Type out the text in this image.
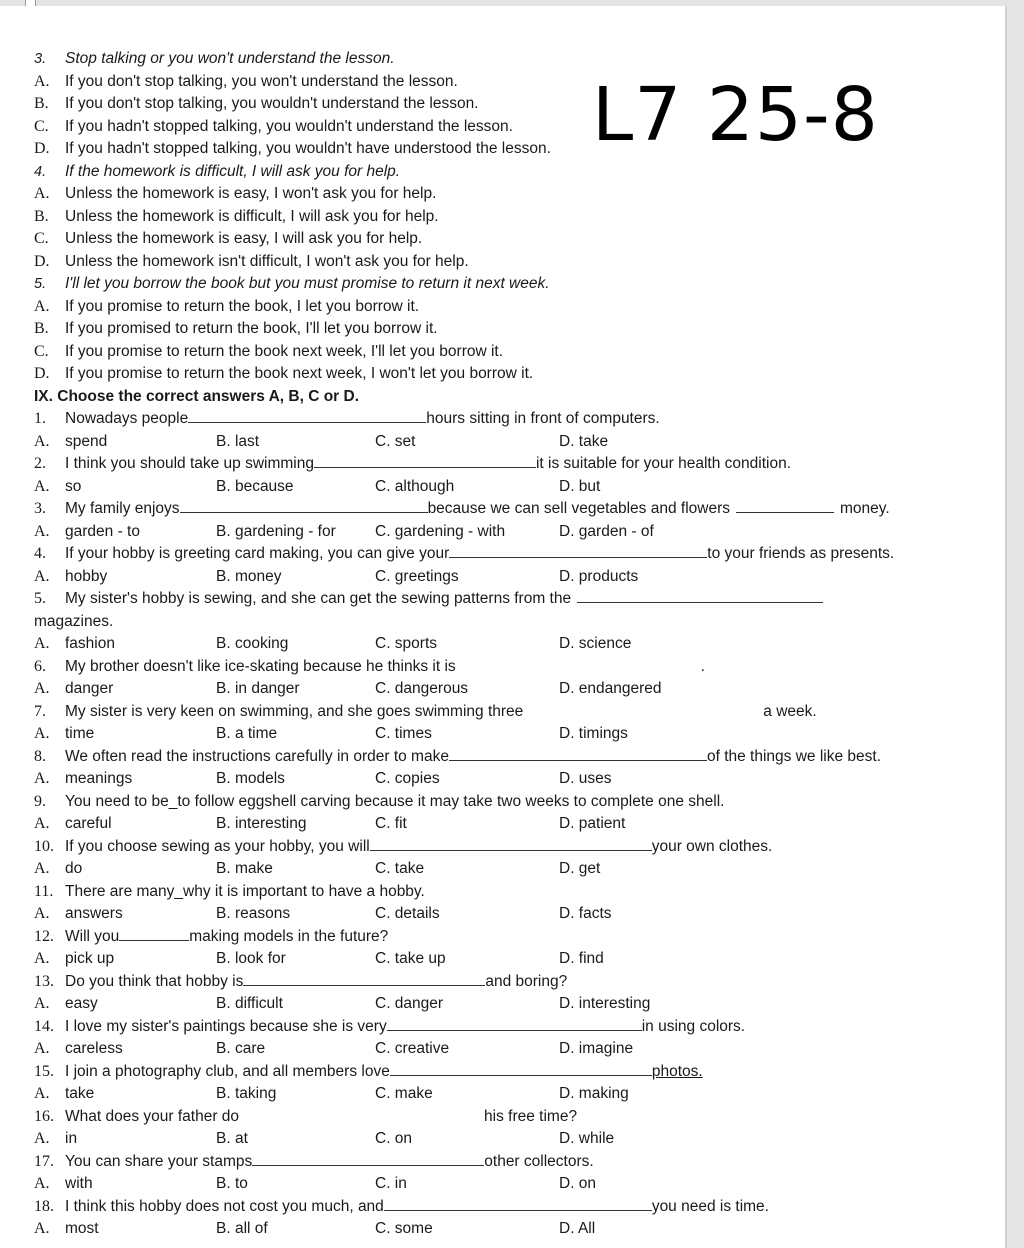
L7 25-8
3. Stop talking or you won't understand the lesson.
A. If you don't stop talking, you won't understand the lesson.
B. If you don't stop talking, you wouldn't understand the lesson.
C. If you hadn't stopped talking, you wouldn't understand the lesson.
D. If you hadn't stopped talking, you wouldn't have understood the lesson.
4. If the homework is difficult, I will ask you for help.
A. Unless the homework is easy, I won't ask you for help.
B. Unless the homework is difficult, I will ask you for help.
C. Unless the homework is easy, I will ask you for help.
D. Unless the homework isn't difficult, I won't ask you for help.
5. I'll let you borrow the book but you must promise to return it next week.
A. If you promise to return the book, I let you borrow it.
B. If you promised to return the book, I'll let you borrow it.
C. If you promise to return the book next week, I'll let you borrow it.
D. If you promise to return the book next week, I won't let you borrow it.
IX. Choose the correct answers A, B, C or D.
1. Nowadays people	hours sitting in front of computers.
A. spend	B. last	C. set	D. take
2. I think you should take up swimming	it is suitable for your health condition.
A. so	B. because	C. although	D. but
3. My family enjoys	because we can sell vegetables and flowers	money.
A. garden - to	B. gardening - for	C. gardening - with	D. garden - of
4. If your hobby is greeting card making, you can give your	to your friends as presents.
A. hobby	B. money	C. greetings	D. products
5. My sister's hobby is sewing, and she can get the sewing patterns from the
magazines.
A. fashion	B. cooking	C. sports	D. science
6. My brother doesn't like ice-skating because he thinks it is	.
A. danger	B. in danger	C. dangerous	D. endangered
7. My sister is very keen on swimming, and she goes swimming three	a week.
A. time	B. a time	C. times	D. timings
8. We often read the instructions carefully in order to make	of the things we like best.
A. meanings	B. models	C. copies	D. uses
9. You need to be_to follow eggshell carving because it may take two weeks to complete one shell.
A. careful	B. interesting	C. fit	D. patient
10. If you choose sewing as your hobby, you will	your own clothes.
A. do	B. make	C. take	D. get
11. There are many_why it is important to have a hobby.
A. answers	B. reasons	C. details	D. facts
12. Will you	making models in the future?
A. pick up	B. look for	C. take up	D. find
13. Do you think that hobby is	and boring?
A. easy	B. difficult	C. danger	D. interesting
14. I love my sister's paintings because she is very	in using colors.
A. careless	B. care	C. creative	D. imagine
15. I join a photography club, and all members love	photos.
A. take	B. taking	C. make	D. making
16. What does your father do	his free time?
A. in	B. at	C. on	D. while
17. You can share your stamps	other collectors.
A. with	B. to	C. in	D. on
18. I think this hobby does not cost you much, and	you need is time.
A. most	B. all of	C. some	D. All
